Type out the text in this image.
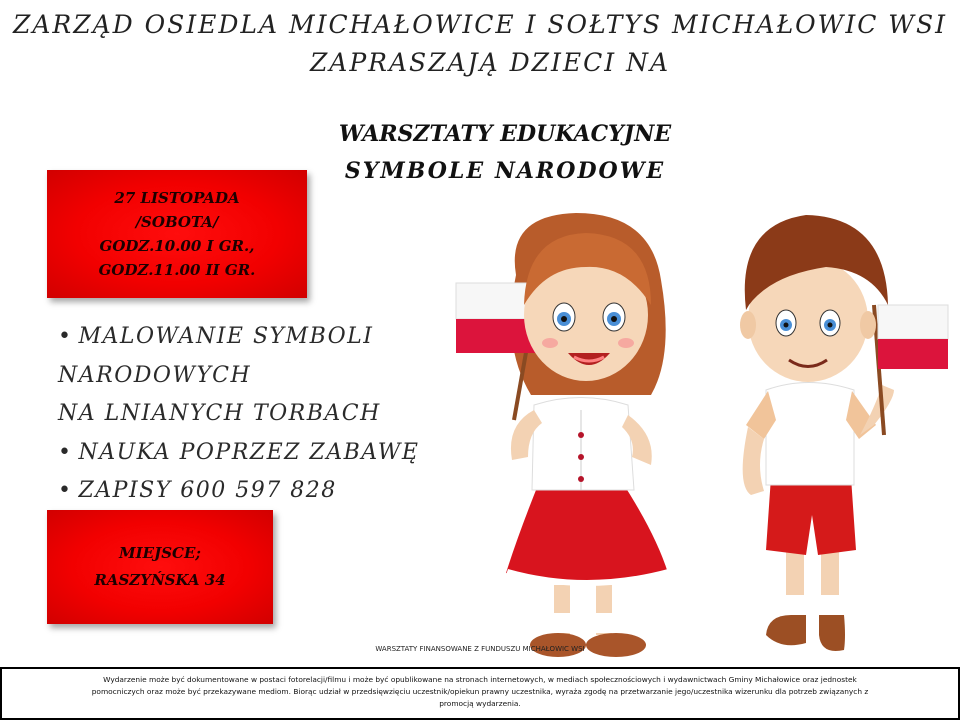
ZARZĄD OSIEDLA MICHAŁOWICE I SOŁTYS MICHAŁOWIC WSI
ZAPRASZAJĄ DZIECI NA
WARSZTATY EDUKACYJNE
SYMBOLE NARODOWE
27 LISTOPADA
/SOBOTA/
GODZ.10.00 I GR.,
GODZ.11.00 II GR.
• MALOWANIE SYMBOLI
NARODOWYCH
NA LNIANYCH TORBACH
• NAUKA POPRZEZ ZABAWĘ
• ZAPISY 600 597 828
MIEJSCE;
RASZYŃSKA 34
WARSZTATY FINANSOWANE Z FUNDUSZU MICHAŁOWIC WSI
Wydarzenie może być dokumentowane w postaci fotorelacji/filmu i może być opublikowane na stronach internetowych, w mediach społecznościowych i wydawnictwach Gminy Michałowice oraz jednostek
pomocniczych oraz może być przekazywane mediom. Biorąc udział w przedsięwzięciu uczestnik/opiekun prawny uczestnika, wyraża zgodę na przetwarzanie jego/uczestnika wizerunku dla potrzeb związanych z
promocją wydarzenia.
